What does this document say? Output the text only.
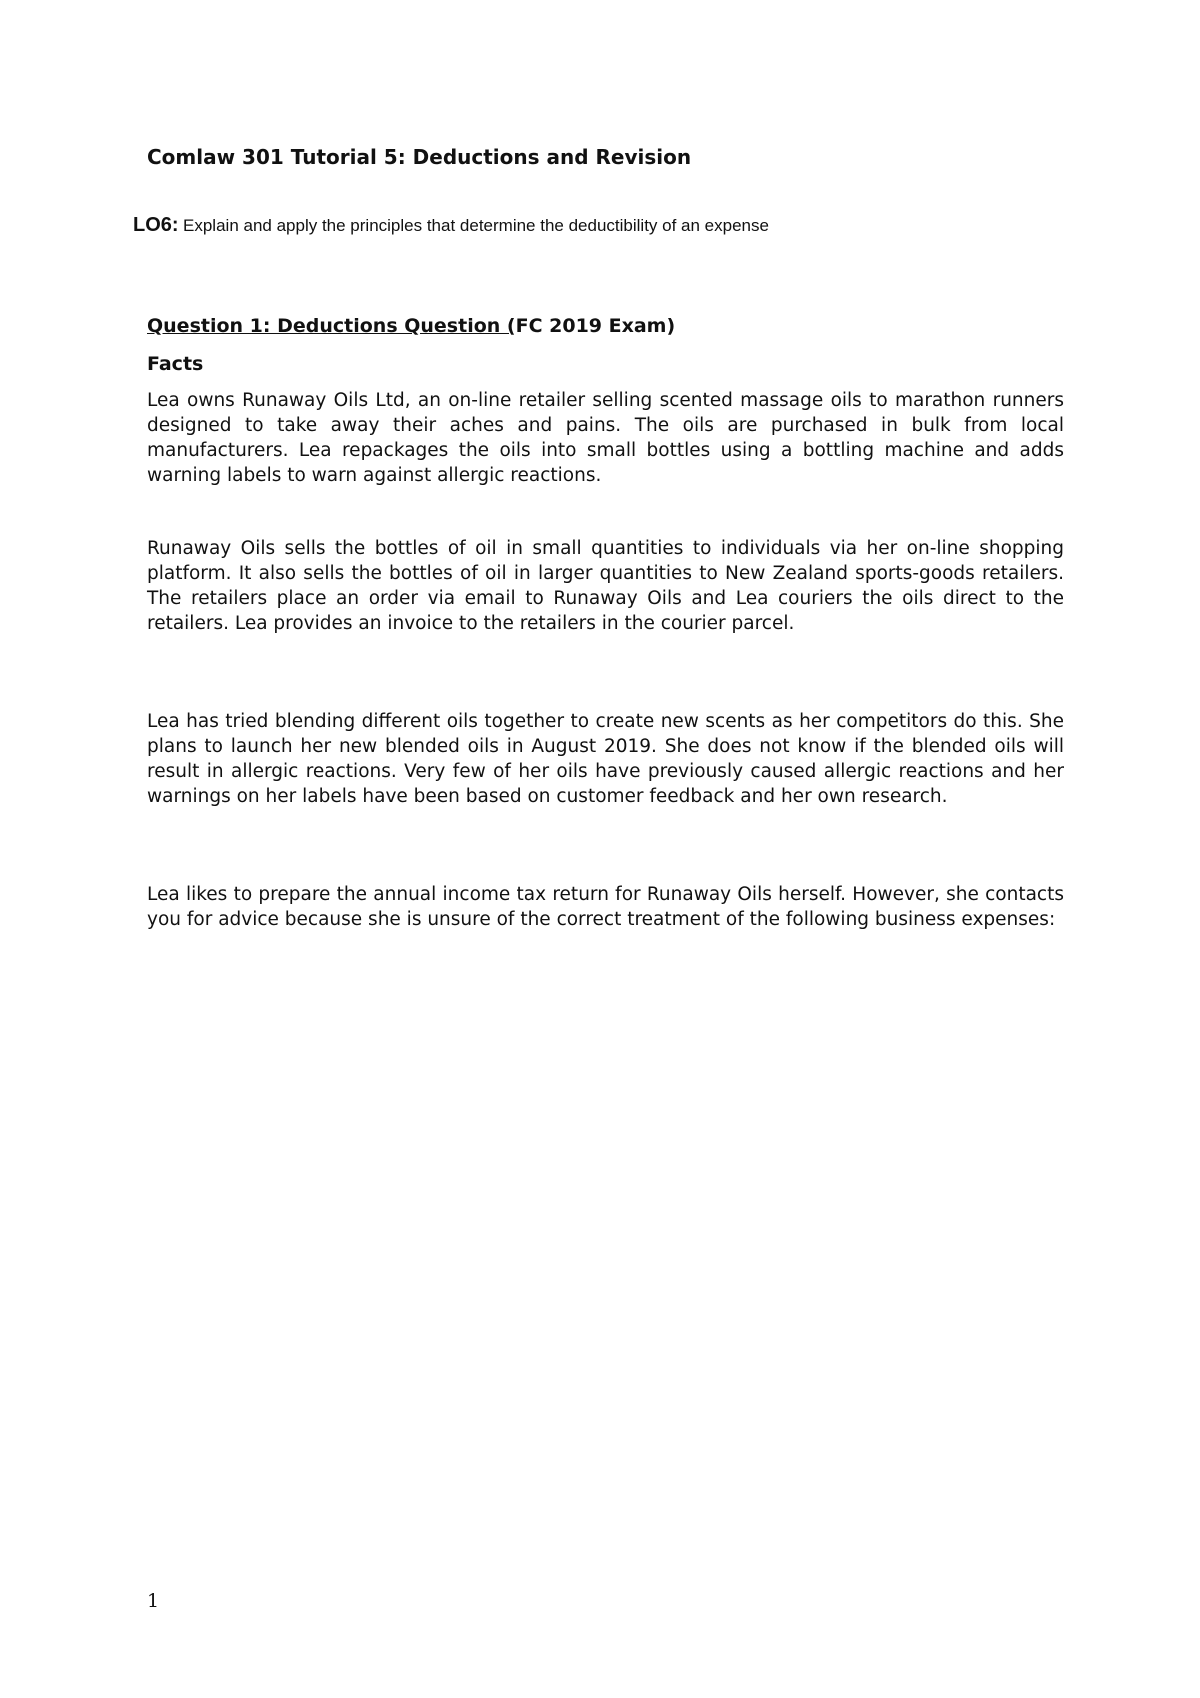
Comlaw 301 Tutorial 5: Deductions and Revision
LO6: Explain and apply the principles that determine the deductibility of an expense
Question 1: Deductions Question (FC 2019 Exam)
Facts

Lea owns Runaway Oils Ltd, an on-line retailer selling scented massage oils to marathon runners designed to take away their aches and pains. The oils are purchased in bulk from local manufacturers. Lea repackages the oils into small bottles using a bottling machine and adds warning labels to warn against allergic reactions.

Runaway Oils sells the bottles of oil in small quantities to individuals via her on-line shopping platform. It also sells the bottles of oil in larger quantities to New Zealand sports-goods retailers. The retailers place an order via email to Runaway Oils and Lea couriers the oils direct to the retailers. Lea provides an invoice to the retailers in the courier parcel.

Lea has tried blending different oils together to create new scents as her competitors do this. She plans to launch her new blended oils in August 2019. She does not know if the blended oils will result in allergic reactions. Very few of her oils have previously caused allergic reactions and her warnings on her labels have been based on customer feedback and her own research.

Lea likes to prepare the annual income tax return for Runaway Oils herself. However, she contacts you for advice because she is unsure of the correct treatment of the following business expenses:

1
